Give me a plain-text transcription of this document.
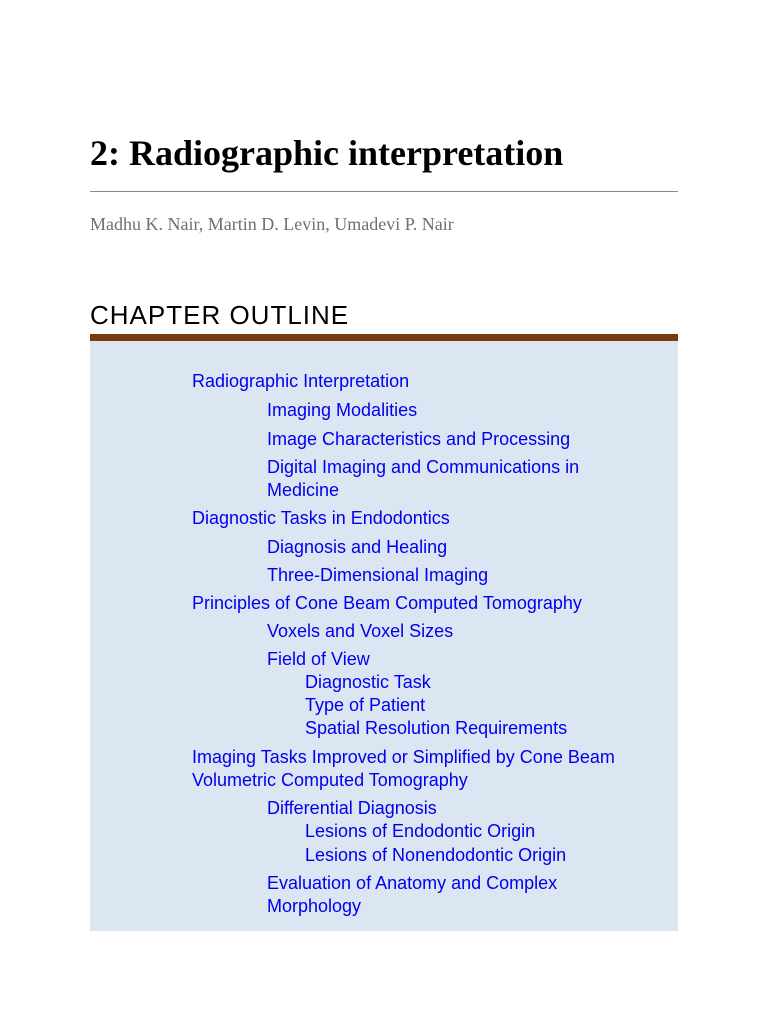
2: Radiographic interpretation
Madhu K. Nair, Martin D. Levin, Umadevi P. Nair
CHAPTER OUTLINE
Radiographic Interpretation
Imaging Modalities
Image Characteristics and Processing
Digital Imaging and Communications in Medicine
Diagnostic Tasks in Endodontics
Diagnosis and Healing
Three-Dimensional Imaging
Principles of Cone Beam Computed Tomography
Voxels and Voxel Sizes
Field of View
Diagnostic Task
Type of Patient
Spatial Resolution Requirements
Imaging Tasks Improved or Simplified by Cone Beam Volumetric Computed Tomography
Differential Diagnosis
Lesions of Endodontic Origin
Lesions of Nonendodontic Origin
Evaluation of Anatomy and Complex Morphology
